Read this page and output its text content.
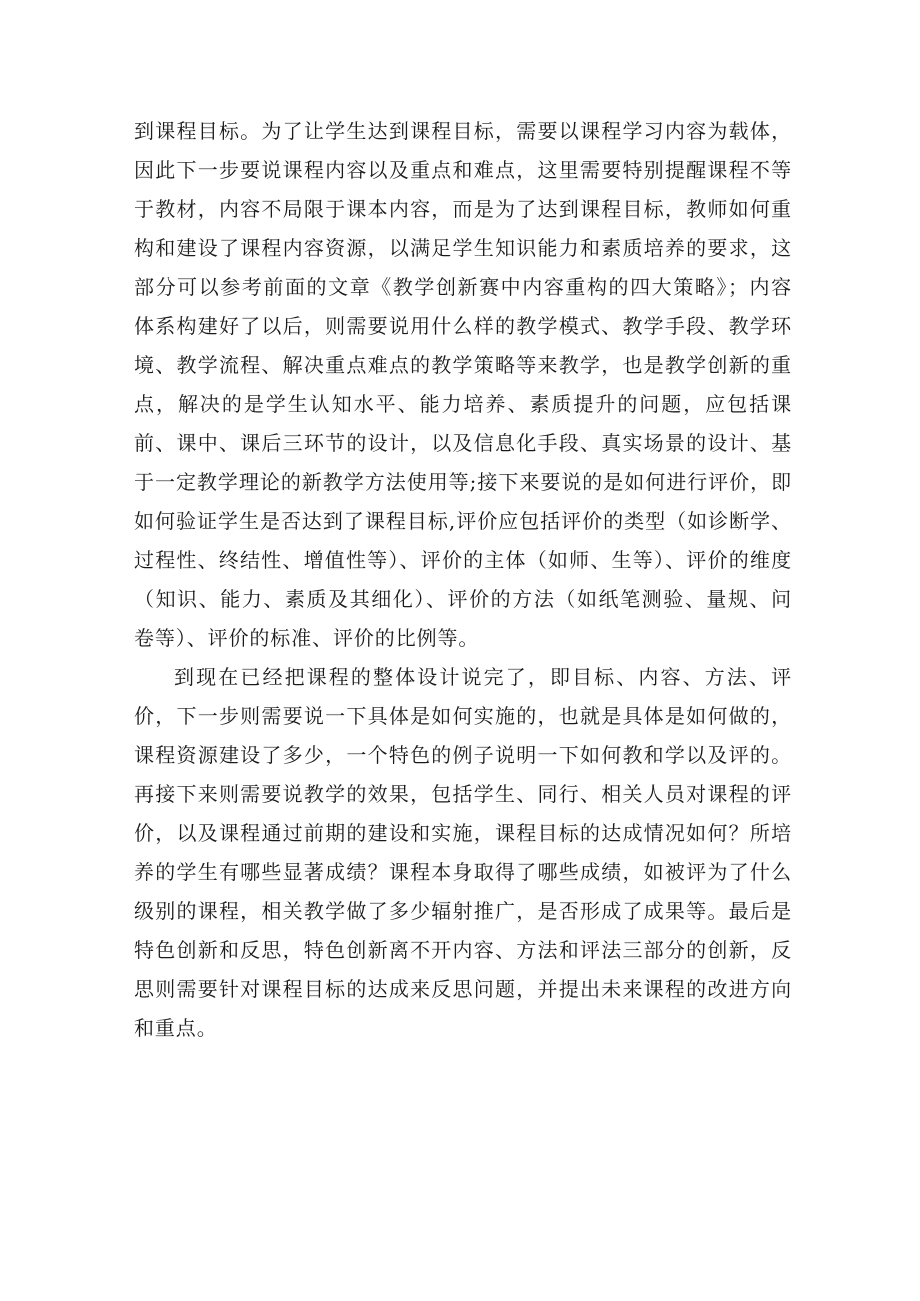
到课程目标。为了让学生达到课程目标，需要以课程学习内容为载体，因此下一步要说课程内容以及重点和难点，这里需要特别提醒课程不等于教材，内容不局限于课本内容，而是为了达到课程目标，教师如何重构和建设了课程内容资源，以满足学生知识能力和素质培养的要求，这部分可以参考前面的文章《教学创新赛中内容重构的四大策略》；内容体系构建好了以后，则需要说用什么样的教学模式、教学手段、教学环境、教学流程、解决重点难点的教学策略等来教学，也是教学创新的重点，解决的是学生认知水平、能力培养、素质提升的问题，应包括课前、课中、课后三环节的设计，以及信息化手段、真实场景的设计、基于一定教学理论的新教学方法使用等;接下来要说的是如何进行评价，即如何验证学生是否达到了课程目标,评价应包括评价的类型（如诊断学、过程性、终结性、增值性等）、评价的主体（如师、生等）、评价的维度（知识、能力、素质及其细化）、评价的方法（如纸笔测验、量规、问卷等）、评价的标准、评价的比例等。

到现在已经把课程的整体设计说完了，即目标、内容、方法、评价，下一步则需要说一下具体是如何实施的，也就是具体是如何做的，课程资源建设了多少，一个特色的例子说明一下如何教和学以及评的。再接下来则需要说教学的效果，包括学生、同行、相关人员对课程的评价，以及课程通过前期的建设和实施，课程目标的达成情况如何？所培养的学生有哪些显著成绩？课程本身取得了哪些成绩，如被评为了什么级别的课程，相关教学做了多少辐射推广，是否形成了成果等。最后是特色创新和反思，特色创新离不开内容、方法和评法三部分的创新，反思则需要针对课程目标的达成来反思问题，并提出未来课程的改进方向和重点。
